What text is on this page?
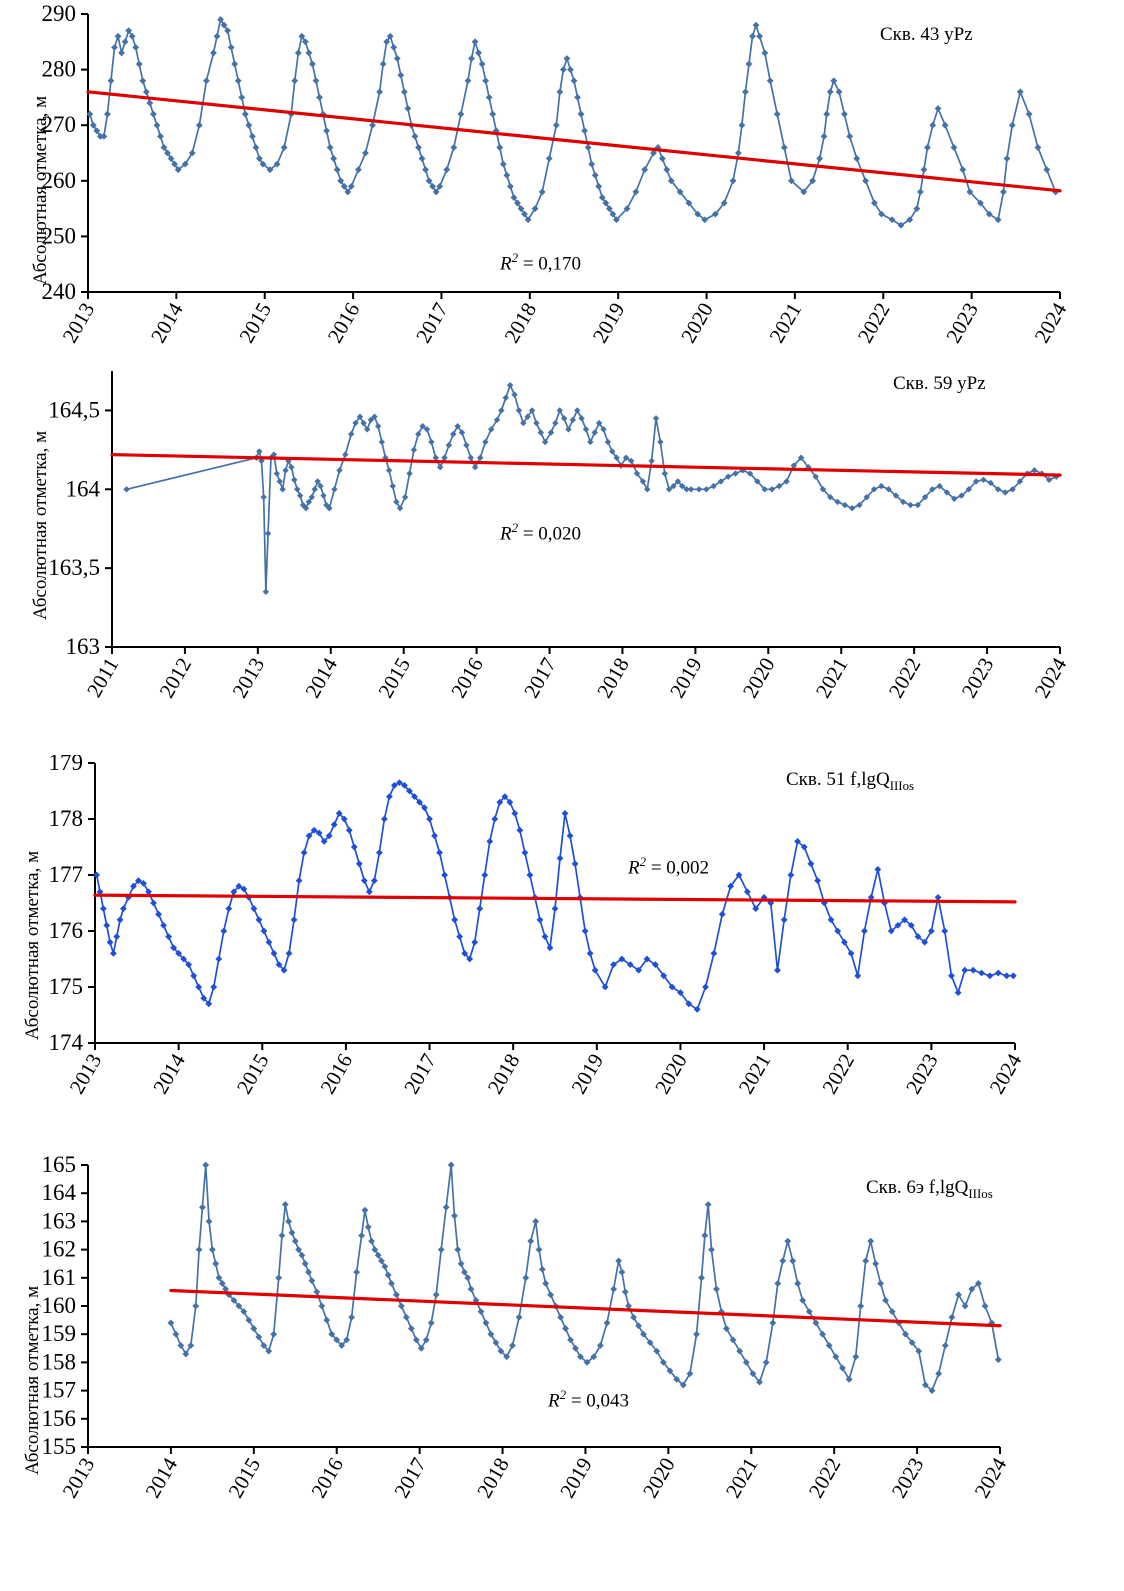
Абсолютная отметка, м
Скв. 43 уPz
$R^2 = 0,170$
240
250
260
270
280
290
2013 2014 2015 2016 2017 2018 2019 2020 2021 2022 2023 2024
Абсолютная отметка, м
Скв. 59 уPz
$R^2 = 0,020$
163
163,5
164
164,5
2011 2012 2013 2014 2015 2016 2017 2018 2019 2020 2021 2022 2023 2024
Абсолютная отметка, м
Скв. 51 f,lgQ$_{IIIos}$
$R^2 = 0,002$
174
175
176
177
178
179
2013 2014 2015 2016 2017 2018 2019 2020 2021 2022 2023 2024
Абсолютная отметка, м
Скв. 6э f,lgQ$_{IIIos}$
$R^2 = 0,043$
155
156
157
158
159
160
161
162
163
164
165
2013 2014 2015 2016 2017 2018 2019 2020 2021 2022 2023 2024
